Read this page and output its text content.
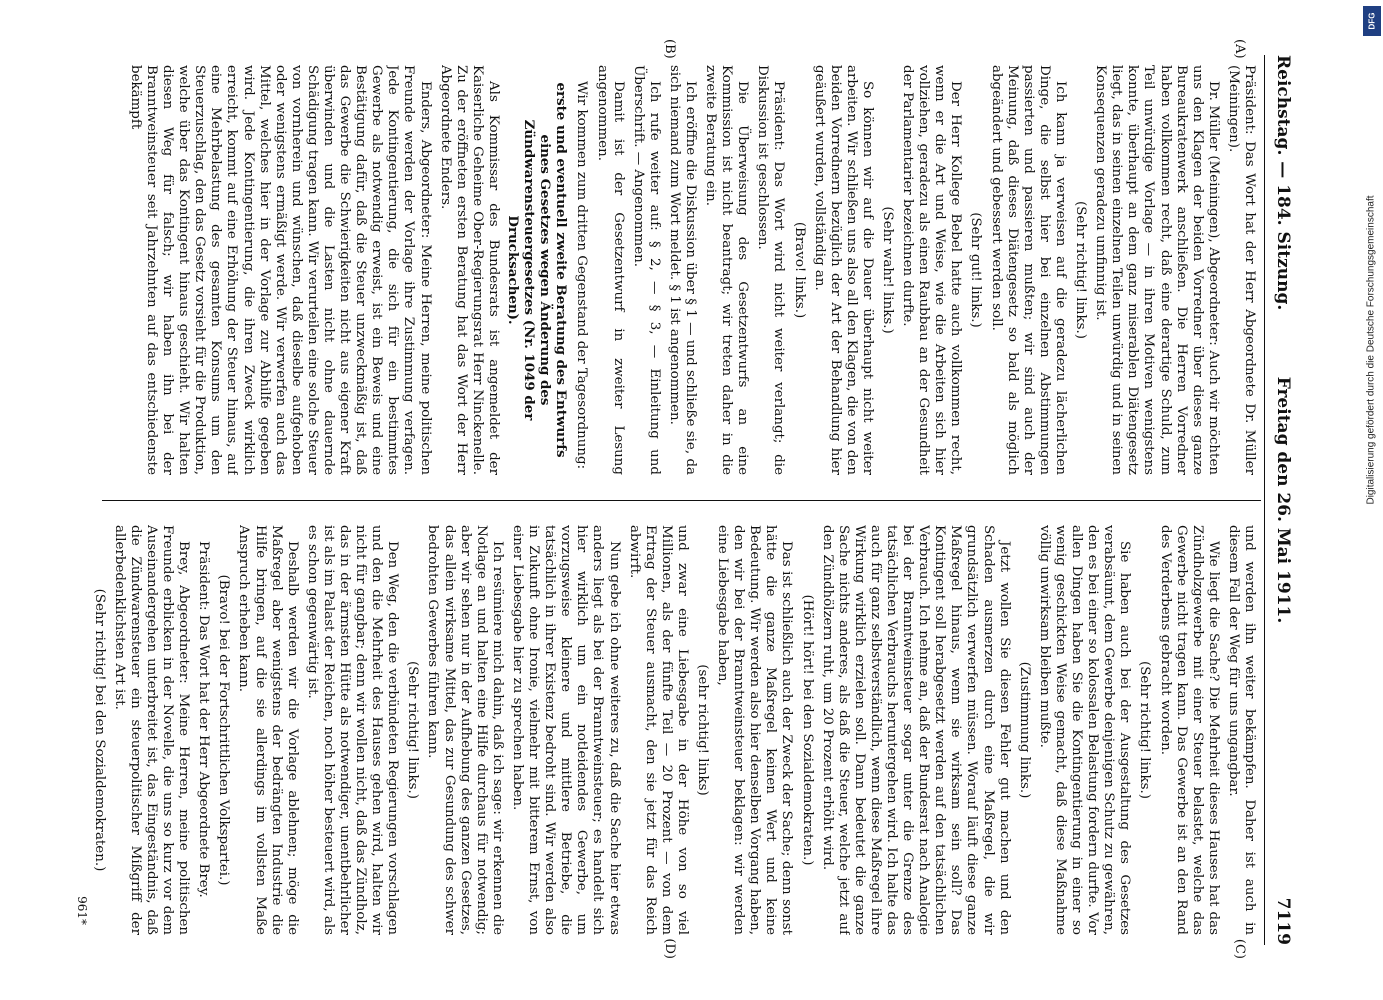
Reichstag. — 184. Sitzung.
Freitag den 26. Mai 1911.
7119
(A)
(B)
(C)
(D)

Präsident: Das Wort hat der Herr Abgeordnete Dr. Müller (Meiningen).

Dr. Müller (Meiningen), Abgeordneter: Auch wir möchten uns den Klagen der beiden Vorredner über dieses ganze Bureaukratenwerk anschließen. Die Herren Vorredner haben vollkommen recht, daß eine derartige Schuld, zum Teil unwürdige Vorlage — in ihren Motiven wenigstens konnte, überhaupt an dem ganz miserablen Diätengesetz liegt, das in seinen einzelnen Teilen unwürdig und in seinen Konsequenzen geradezu umfinnig ist.

(Sehr richtig! links.)

Ich kann ja verweisen auf die geradezu lächerlichen Dinge, die selbst hier bei einzelnen Abstimmungen passierten und passieren mußten; wir sind auch der Meinung, daß dieses Diätengesetz so bald als möglich abgeändert und gebessert werden soll.

(Sehr gut! links.)

Der Herr Kollege Bebel hatte auch vollkommen recht, wenn er die Art und Weise, wie die Arbeiten sich hier vollziehen, geradezu als einen Raubbau an der Gesundheit der Parlamentarier bezeichnen durfte.

(Sehr wahr! links.)

So können wir auf die Dauer überhaupt nicht weiter arbeiten. Wir schließen uns also all den Klagen, die von den beiden Vorrednern bezüglich der Art der Behandlung hier geäußert wurden, vollständig an.

(Bravo! links.)

Präsident: Das Wort wird nicht weiter verlangt; die Diskussion ist geschlossen.

Die Überweisung des Gesetzentwurfs an eine Kommission ist nicht beantragt; wir treten daher in die zweite Beratung ein.

Ich eröffne die Diskussion über § 1 — und schließe sie, da sich niemand zum Wort meldet. § 1 ist angenommen.

Ich rufe weiter auf: § 2, — § 3, — Einleitung und Überschrift. — Angenommen.

Damit ist der Gesetzentwurf in zweiter Lesung angenommen.

Wir kommen zum dritten Gegenstand der Tagesordnung:

erste und eventuell zweite Beratung des Entwurfs eines Gesetzes wegen Änderung des Zündwarensteuergesetzes (Nr. 1049 der Drucksachen).

Als Kommissar des Bundesrats ist angemeldet der Kaiserliche Geheime Ober-Regierungsrat Herr Ninckenelle. Zu der eröffneten ersten Beratung hat das Wort der Herr Abgeordnete Enders.

Enders, Abgeordneter: Meine Herren, meine politischen Freunde werden der Vorlage ihre Zustimmung verfagen. Jede Kontingentierung, die sich für ein bestimmtes Gewerbe als notwendig erweist, ist ein Beweis und eine Bestätigung dafür, daß die Steuer unzweckmäßig ist, daß das Gewerbe die Schwierigkeiten nicht aus eigener Kraft überwinden und die Lasten nicht ohne dauernde Schädigung tragen kann. Wir verurteilen eine solche Steuer von vornherein und wünschen, daß dieselbe aufgehoben oder wenigstens ermäßigt werde. Wir verwerfen auch das Mittel, welches hier in der Vorlage zur Abhilfe gegeben wird. Jede Kontingentierung, die ihren Zweck wirklich erreicht, kommt auf eine Erhöhung der Steuer hinaus, auf eine Mehrbelastung des gesamten Konsums um den Steuerzuschlag, den das Gesetz vorsieht für die Produktion, welche über das Kontingent hinaus geschieht. Wir halten diesen Weg für falsch; wir haben ihn bei der Branntweinsteuer seit Jahrzehnten auf das entschiedenste bekämpft

und werden ihn weiter bekämpfen. Daher ist auch in diesem Fall der Weg für uns ungangbar.

Wie liegt die Sache? Die Mehrheit dieses Hauses hat das Zündholzgewerbe mit einer Steuer belastet, welche das Gewerbe nicht tragen kann. Das Gewerbe ist an den Rand des Verderbens gebracht worden.

(Sehr richtig! links.)

Sie haben auch bei der Ausgestaltung des Gesetzes verabsäumt, dem Gewerbe denjenigen Schutz zu gewähren, den es bei einer so kolossalen Belastung fordern durfte. Vor allen Dingen haben Sie die Kontingentierung in einer so wenig geschickten Weise gemacht, daß diese Maßnahme völlig unwirksam bleiben mußte.

(Zustimmung links.)

Jetzt wollen Sie diesen Fehler gut machen und den Schaden ausmerzen durch eine Maßregel, die wir grundsätzlich verwerfen müssen. Worauf läuft diese ganze Maßregel hinaus, wenn sie wirksam sein soll? Das Kontingent soll herabgesetzt werden auf den tatsächlichen Verbrauch. Ich nehme an, daß der Bundesrat nach Analogie bei der Branntweinsteuer sogar unter die Grenze des tatsächlichen Verbrauchs heruntergehen wird. Ich halte das auch für ganz selbstverständlich, wenn diese Maßregel ihre Wirkung wirklich erzielen soll. Dann bedeutet die ganze Sache nichts anderes, als daß die Steuer, welche jetzt auf den Zündhölzern ruht, um 20 Prozent erhöht wird.

(Hört! hört! bei den Sozialdemokraten.)

Das ist schließlich auch der Zweck der Sache; denn sonst hätte die ganze Maßregel keinen Wert und keine Bedeutung. Wir werden also hier denselben Vorgang haben, den wir bei der Branntweinsteuer beklagen: wir werden eine Liebesgabe haben,

(sehr richtig! links)

und zwar eine Liebesgabe in der Höhe von so viel Millionen, als der fünfte Teil — 20 Prozent — von dem Ertrag der Steuer ausmacht, den sie jetzt für das Reich abwirft.

Nun gebe ich ohne weiteres zu, daß die Sache hier etwas anders liegt als bei der Branntweinsteuer; es handelt sich hier wirklich um ein notleidendes Gewerbe, um vorzugsweise kleinere und mittlere Betriebe, die tatsächlich in ihrer Existenz bedroht sind. Wir werden also in Zukunft ohne Ironie, vielmehr mit bitterem Ernst, von einer Liebesgabe hier zu sprechen haben.

Ich resümiere mich dahin, daß ich sage: wir erkennen die Notlage an und halten eine Hilfe durchaus für notwendig; aber wir sehen nur in der Aufhebung des ganzen Gesetzes, das allein wirksame Mittel, das zur Gesundung des schwer bedrohten Gewerbes führen kann.

(Sehr richtig! links.)

Den Weg, den die verbündeten Regierungen vorschlagen und den die Mehrheit des Hauses gehen wird, halten wir nicht für gangbar; denn wir wollen nicht, daß das Zündholz, das in der ärmsten Hütte als notwendiger, unentbehrlicher ist als im Palast der Reichen, noch höher besteuert wird, als es schon gegenwärtig ist.

Deshalb werden wir die Vorlage ablehnen; möge die Maßregel aber wenigstens der bedrängten Industrie die Hilfe bringen, auf die sie allerdings im vollsten Maße Anspruch erheben kann.

(Bravo! bei der Fortschrittlichen Volkspartei.)

Präsident: Das Wort hat der Herr Abgeordnete Brey.

Brey, Abgeordneter: Meine Herren, meine politischen Freunde erblicken in der Novelle, die uns so kurz vor dem Auseinandergehen unterbreitet ist, das Eingeständnis, daß die Zündwarensteuer ein steuerpolitischer Mißgriff der allerbedenklichsten Art ist.

(Sehr richtig! bei den Sozialdemokraten.)

961*
DFG
Digitalisierung gefördert durch die Deutsche Forschungsgemeinschaft
